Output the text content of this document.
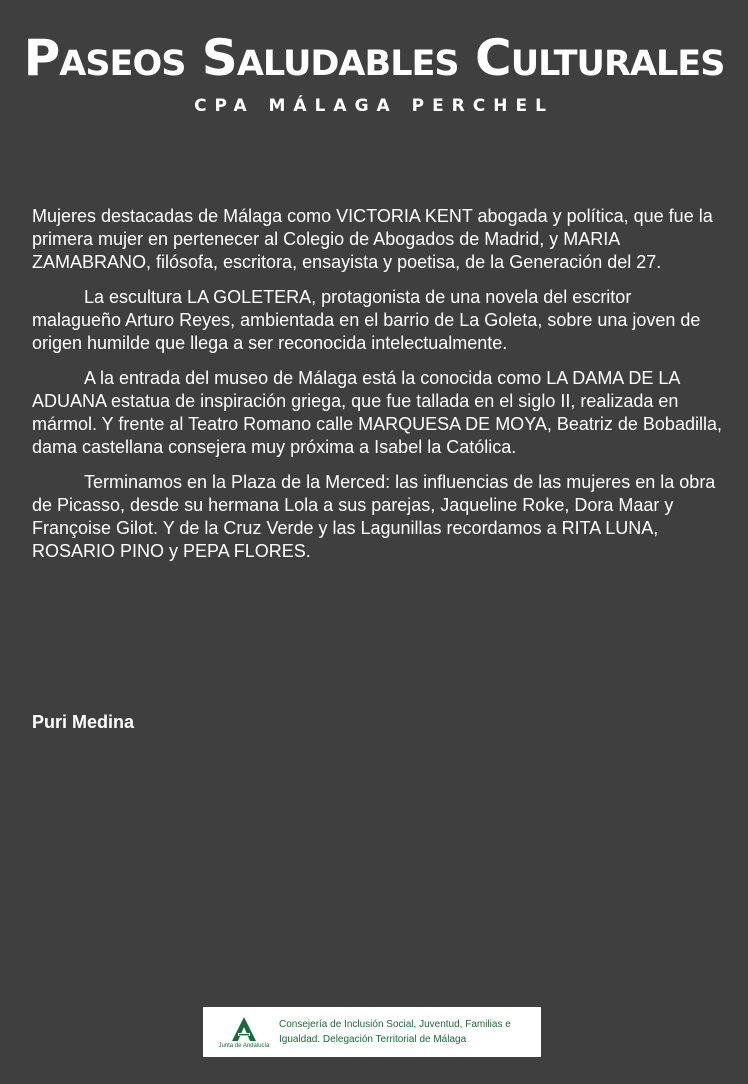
Paseos Saludables Culturales
CPA MÁLAGA PERCHEL

Mujeres destacadas de Málaga como VICTORIA KENT abogada y política, que fue la primera mujer en pertenecer al Colegio de Abogados de Madrid, y MARIA ZAMABRANO, filósofa, escritora, ensayista y poetisa, de la Generación del 27.

La escultura LA GOLETERA, protagonista de una novela del escritor malagueño Arturo Reyes, ambientada en el barrio de La Goleta, sobre una joven de origen humilde que llega a ser reconocida intelectualmente.

A la entrada del museo de Málaga está la conocida como LA DAMA DE LA ADUANA estatua de inspiración griega, que fue tallada en el siglo II, realizada en mármol. Y frente al Teatro Romano calle MARQUESA DE MOYA, Beatriz de Bobadilla, dama castellana consejera muy próxima a Isabel la Católica.

Terminamos en la Plaza de la Merced: las influencias de las mujeres en la obra de Picasso, desde su hermana Lola a sus parejas, Jaqueline Roke, Dora Maar y Françoise Gilot. Y de la Cruz Verde y las Lagunillas recordamos a RITA LUNA, ROSARIO PINO y PEPA FLORES.

Puri Medina
Junta de Andalucía
Consejería de Inclusión Social, Juventud, Familias e
Igualdad. Delegación Territorial de Málaga
